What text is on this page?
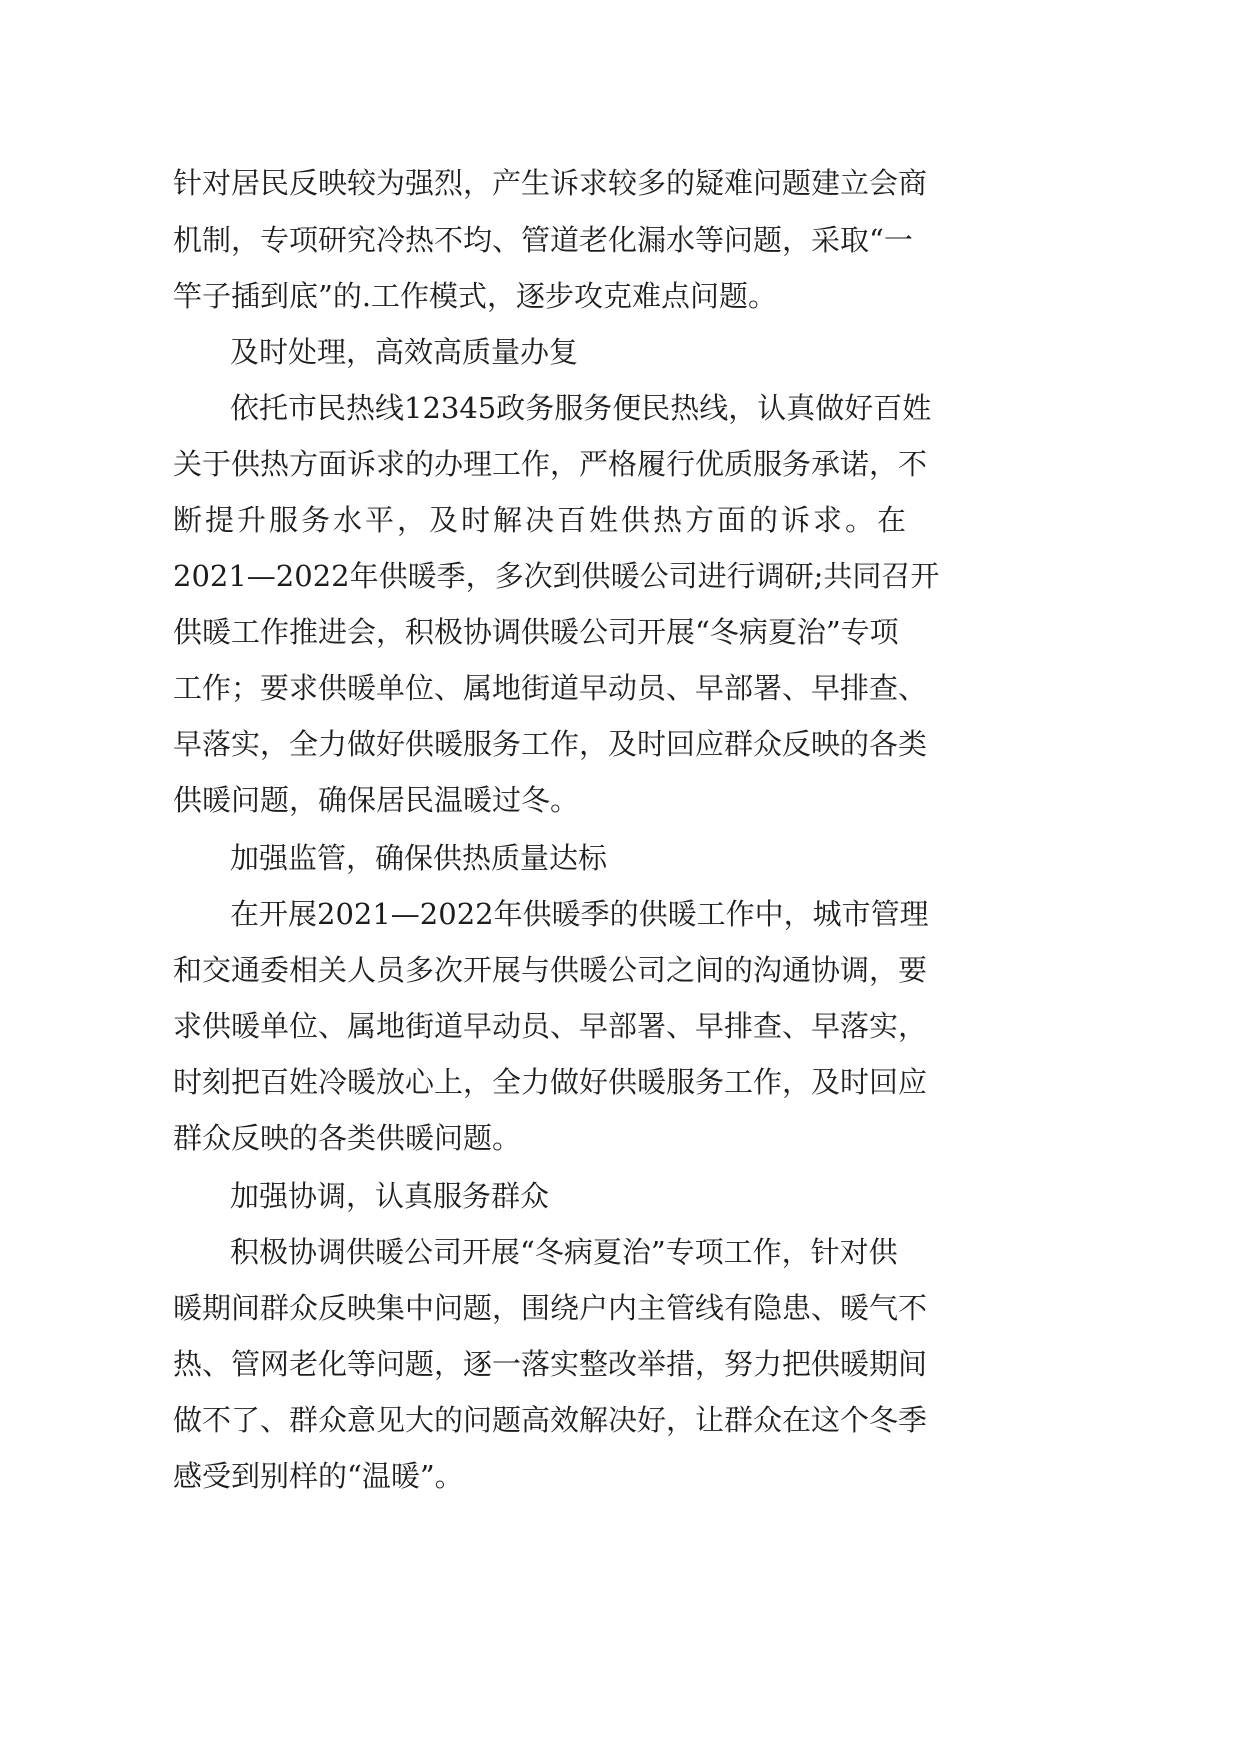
针对居民反映较为强烈，产生诉求较多的疑难问题建立会商
机制，专项研究冷热不均、管道老化漏水等问题，采取“一
竿子插到底”的.工作模式，逐步攻克难点问题。
及时处理，高效高质量办复
依托市民热线12345政务服务便民热线，认真做好百姓
关于供热方面诉求的办理工作，严格履行优质服务承诺，不
断提升服务水平，及时解决百姓供热方面的诉求。在
2021—2022年供暖季，多次到供暖公司进行调研;共同召开
供暖工作推进会，积极协调供暖公司开展“冬病夏治”专项
工作；要求供暖单位、属地街道早动员、早部署、早排查、
早落实，全力做好供暖服务工作，及时回应群众反映的各类
供暖问题，确保居民温暖过冬。
加强监管，确保供热质量达标
在开展2021—2022年供暖季的供暖工作中，城市管理
和交通委相关人员多次开展与供暖公司之间的沟通协调，要
求供暖单位、属地街道早动员、早部署、早排查、早落实，
时刻把百姓冷暖放心上，全力做好供暖服务工作，及时回应
群众反映的各类供暖问题。
加强协调，认真服务群众
积极协调供暖公司开展“冬病夏治”专项工作，针对供
暖期间群众反映集中问题，围绕户内主管线有隐患、暖气不
热、管网老化等问题，逐一落实整改举措，努力把供暖期间
做不了、群众意见大的问题高效解决好，让群众在这个冬季
感受到别样的“温暖”。
